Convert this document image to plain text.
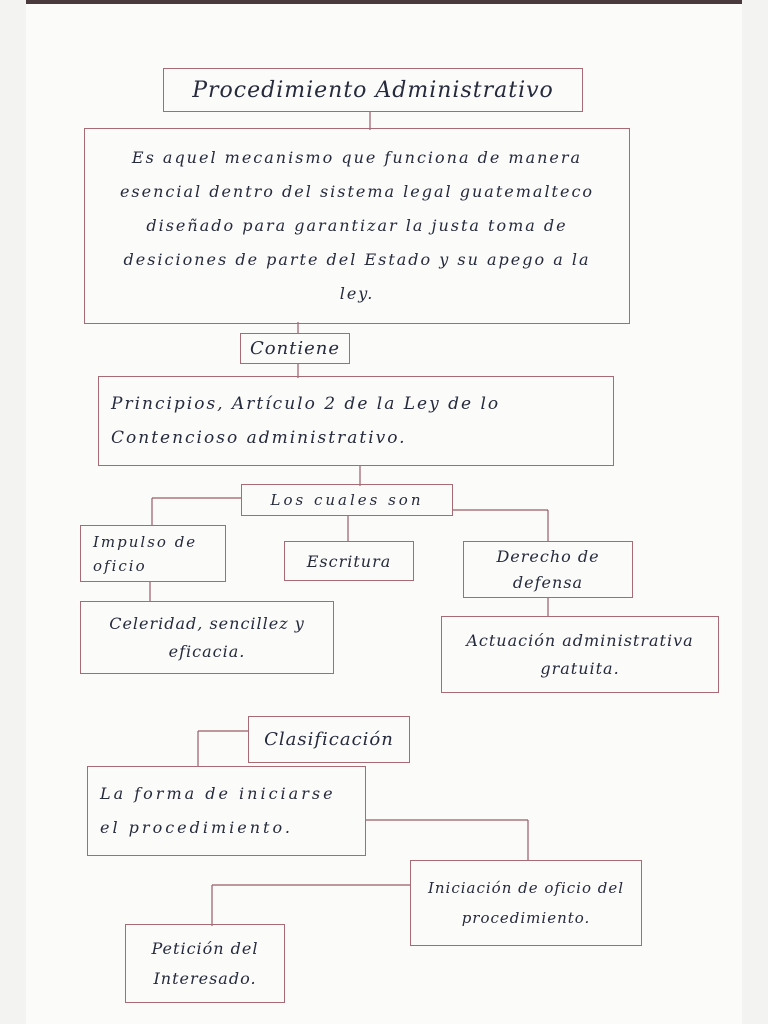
Procedimiento Administrativo
Es aquel mecanismo que funciona de manera esencial dentro del sistema legal guatemalteco diseñado para garantizar la justa toma de desiciones de parte del Estado y su apego a la ley.
Contiene
Principios, Artículo 2 de la Ley de lo Contencioso administrativo.
Los cuales son
Impulso de oficio	Escritura	Derecho de defensa
Celeridad, sencillez y eficacia.
Actuación administrativa gratuita.
Clasificación
La forma de iniciarse el procedimiento.
Iniciación de oficio del procedimiento.
Petición del Interesado.
